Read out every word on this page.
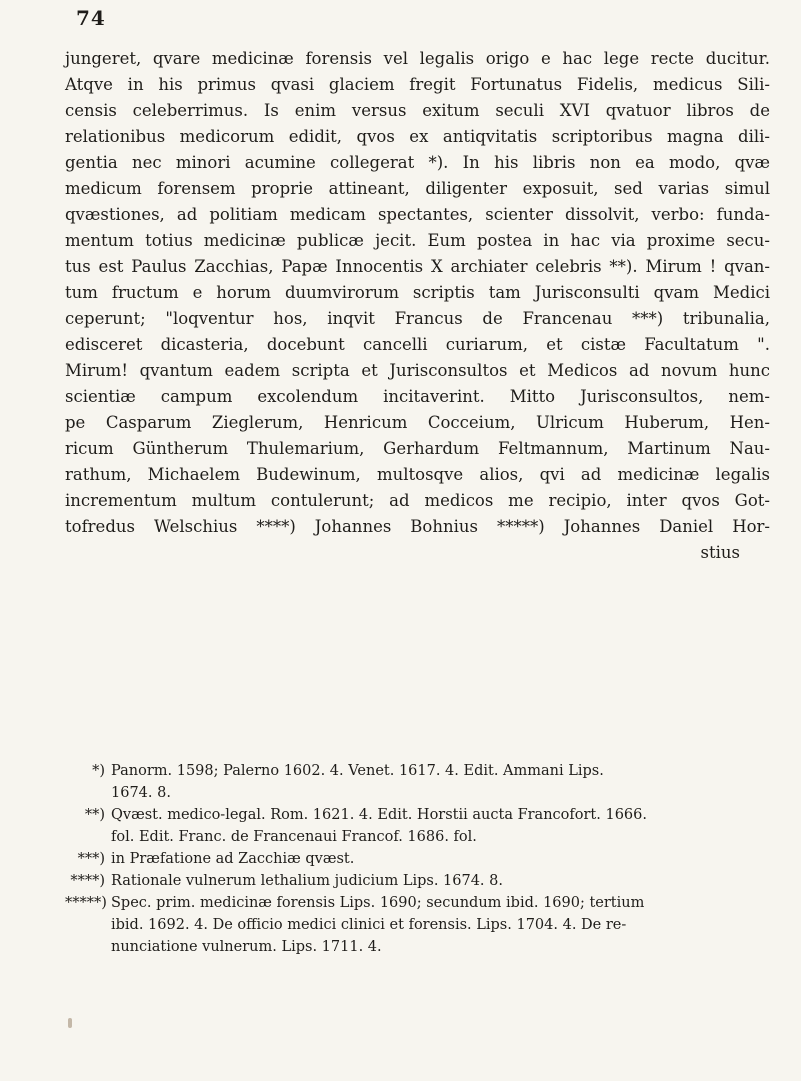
74
jungeret, qvare medicinæ forensis vel legalis origo e hac lege recte ducitur.
Atqve in his primus qvasi glaciem fregit Fortunatus Fidelis, medicus Sili-
censis celeberrimus. Is enim versus exitum seculi XVI qvatuor libros de
relationibus medicorum edidit, qvos ex antiqvitatis scriptoribus magna dili-
gentia nec minori acumine collegerat *). In his libris non ea modo, qvæ
medicum forensem proprie attineant, diligenter exposuit, sed varias simul
qvæstiones, ad politiam medicam spectantes, scienter dissolvit, verbo: funda-
mentum totius medicinæ publicæ jecit. Eum postea in hac via proxime secu-
tus est Paulus Zacchias, Papæ Innocentis X archiater celebris **). Mirum ! qvan-
tum fructum e horum duumvirorum scriptis tam Jurisconsulti qvam Medici
ceperunt; "loqventur hos, inqvit Francus de Francenau ***) tribunalia,
edisceret dicasteria, docebunt cancelli curiarum, et cistæ Facultatum ".
Mirum! qvantum eadem scripta et Jurisconsultos et Medicos ad novum hunc
scientiæ campum excolendum incitaverint. Mitto Jurisconsultos, nem-
pe Casparum Zieglerum, Henricum Cocceium, Ulricum Huberum, Hen-
ricum Güntherum Thulemarium, Gerhardum Feltmannum, Martinum Nau-
rathum, Michaelem Budewinum, multosqve alios, qvi ad medicinæ legalis
incrementum multum contulerunt; ad medicos me recipio, inter qvos Got-
tofredus Welschius ****) Johannes Bohnius *****) Johannes Daniel Hor-
stius
*) Panorm. 1598; Palerno 1602. 4. Venet. 1617. 4. Edit. Ammani Lips.
1674. 8.
**) Qvæst. medico-legal. Rom. 1621. 4. Edit. Horstii aucta Francofort. 1666.
fol. Edit. Franc. de Francenaui Francof. 1686. fol.
***) in Præfatione ad Zacchiæ qvæst.
****) Rationale vulnerum lethalium judicium Lips. 1674. 8.
*****) Spec. prim. medicinæ forensis Lips. 1690; secundum ibid. 1690; tertium
ibid. 1692. 4. De officio medici clinici et forensis. Lips. 1704. 4. De re-
nunciatione vulnerum. Lips. 1711. 4.
